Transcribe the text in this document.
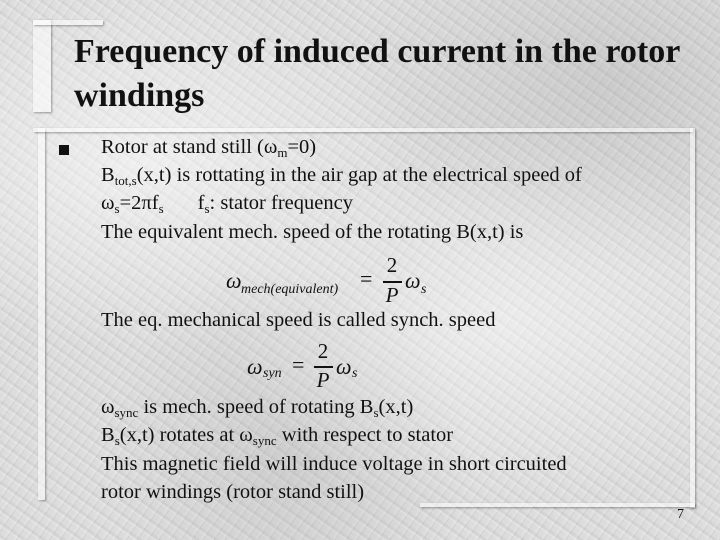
Frequency of induced current in the rotor windings
Rotor at stand still $(\omega_m=0)$
$B_{tot,s}(x,t)$ is rottating in the air gap at the electrical speed of
$\omega_s=2\pi f_s$ $f_s$: stator frequency
The equivalent mech. speed of the rotating B(x,t) is
ω mech(equivalent) =
2
P
ω s
The eq. mechanical speed is called synch. speed
ω syn =
2
P
ω s
$\omega_{sync}$ is mech. speed of rotating $B_s(x,t)$
$B_s(x,t)$ rotates at $\omega_{sync}$ with respect to stator
This magnetic field will induce voltage in short circuited
rotor windings (rotor stand still)
7
